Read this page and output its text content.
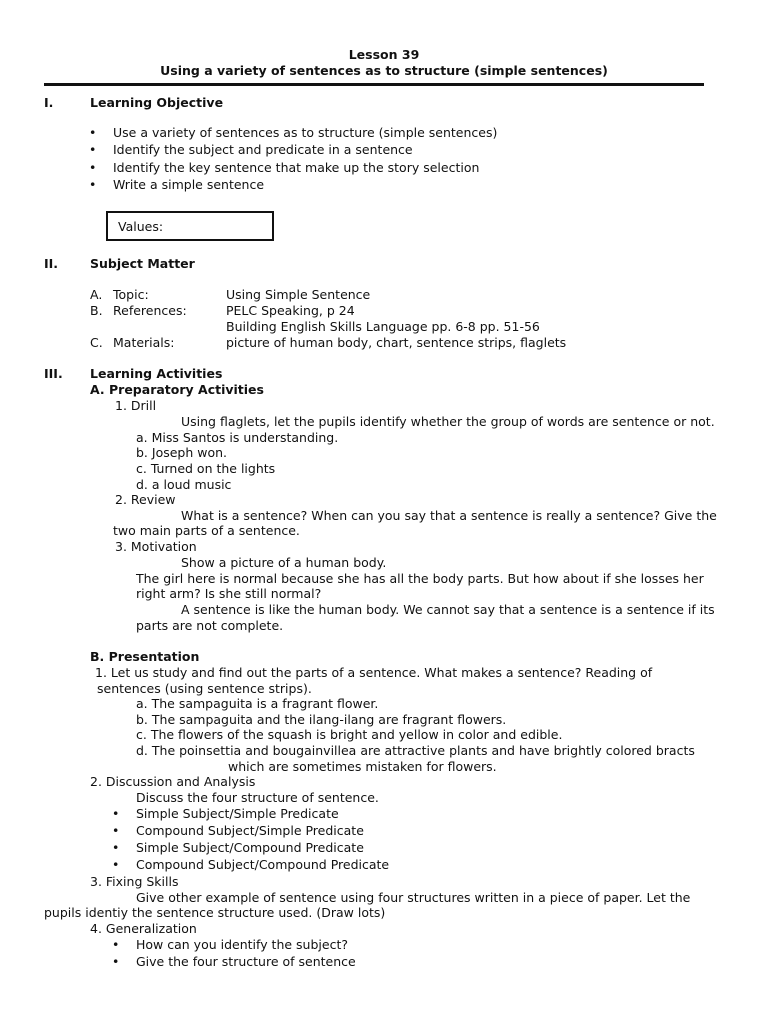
Lesson 39
Using a variety of sentences as to structure (simple sentences)
I.	Learning Objective
• Use a variety of sentences as to structure (simple sentences)
• Identify the subject and predicate in a sentence
• Identify the key sentence that make up the story selection
• Write a simple sentence
Values:
II.	Subject Matter
A. Topic:	Using Simple Sentence
B. References:	PELC Speaking, p 24
Building English Skills Language pp. 6-8 pp. 51-56
C. Materials:	picture of human body, chart, sentence strips, flaglets
III. Learning Activities
A. Preparatory Activities
1. Drill
Using flaglets, let the pupils identify whether the group of words are sentence or not.
a. Miss Santos is understanding.
b. Joseph won.
c. Turned on the lights
d. a loud music
2. Review
What is a sentence? When can you say that a sentence is really a sentence? Give the
two main parts of a sentence.
3. Motivation
Show a picture of a human body.
The girl here is normal because she has all the body parts. But how about if she losses her
right arm? Is she still normal?
A sentence is like the human body. We cannot say that a sentence is a sentence if its
parts are not complete.
B. Presentation
1. Let us study and find out the parts of a sentence. What makes a sentence? Reading of
sentences (using sentence strips).
a. The sampaguita is a fragrant flower.
b. The sampaguita and the ilang-ilang are fragrant flowers.
c. The flowers of the squash is bright and yellow in color and edible.
d. The poinsettia and bougainvillea are attractive plants and have brightly colored bracts
which are sometimes mistaken for flowers.
2. Discussion and Analysis
Discuss the four structure of sentence.
• Simple Subject/Simple Predicate
• Compound Subject/Simple Predicate
• Simple Subject/Compound Predicate
• Compound Subject/Compound Predicate
3. Fixing Skills
Give other example of sentence using four structures written in a piece of paper. Let the
pupils identiy the sentence structure used. (Draw lots)
4. Generalization
• How can you identify the subject?
• Give the four structure of sentence
